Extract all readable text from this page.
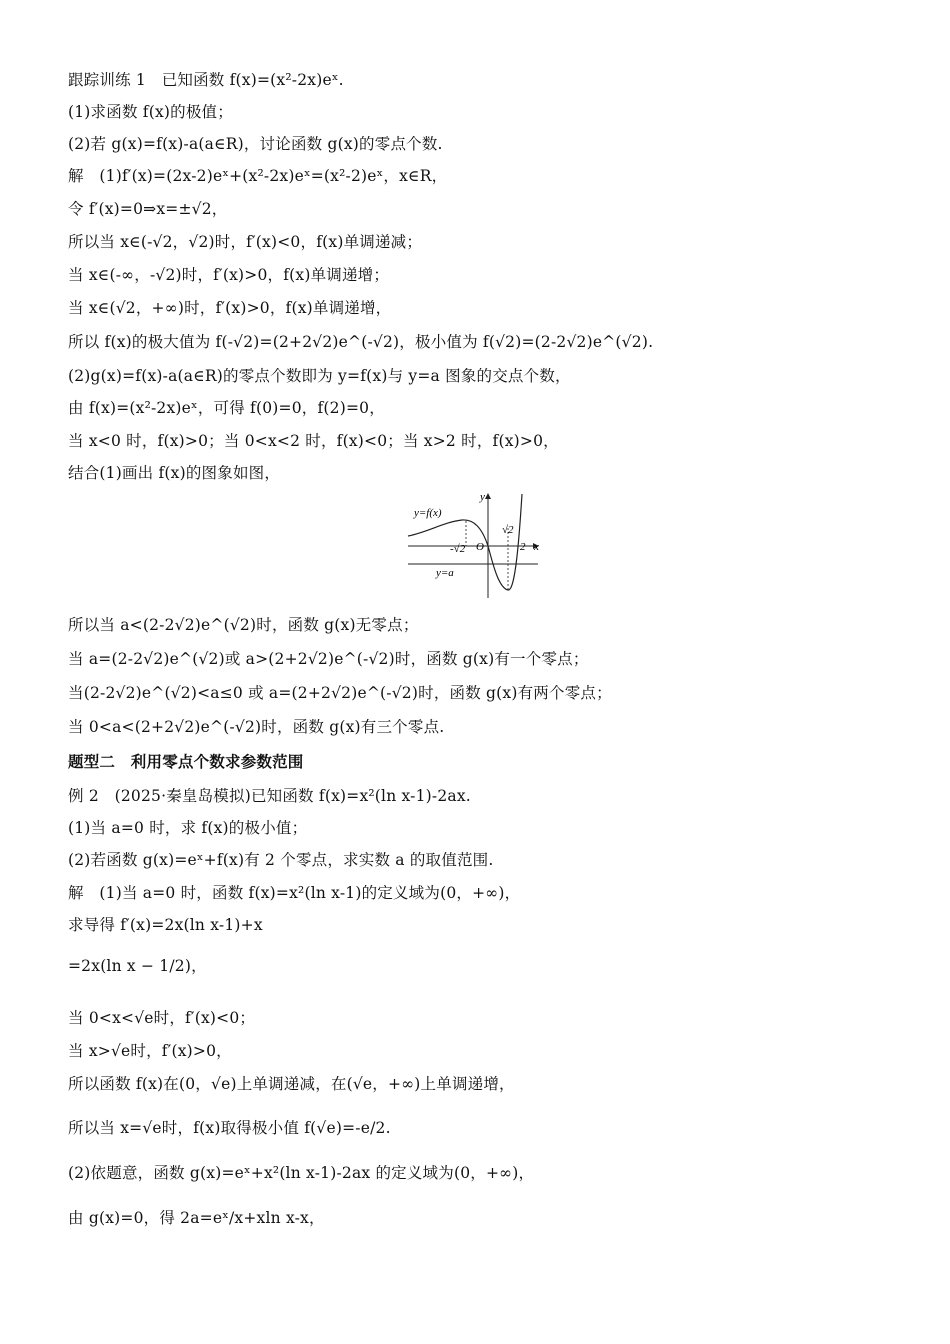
跟踪训练 1　已知函数 f(x)=(x²-2x)eˣ.
(1)求函数 f(x)的极值；
(2)若 g(x)=f(x)-a(a∈R)，讨论函数 g(x)的零点个数.
解　(1)f′(x)=(2x-2)eˣ+(x²-2x)eˣ=(x²-2)eˣ，x∈R，
令 f′(x)=0⇒x=±√2，
所以当 x∈(-√2，√2)时，f′(x)<0，f(x)单调递减；
当 x∈(-∞，-√2)时，f′(x)>0，f(x)单调递增；
当 x∈(√2，+∞)时，f′(x)>0，f(x)单调递增，
所以 f(x)的极大值为 f(-√2)=(2+2√2)e^(-√2)，极小值为 f(√2)=(2-2√2)e^(√2).
(2)g(x)=f(x)-a(a∈R)的零点个数即为 y=f(x)与 y=a 图象的交点个数，
由 f(x)=(x²-2x)eˣ，可得 f(0)=0，f(2)=0，
当 x<0 时，f(x)>0；当 0<x<2 时，f(x)<0；当 x>2 时，f(x)>0，
结合(1)画出 f(x)的图象如图，
y=f(x)
y=a
y
x
O
-√2
√2
2
所以当 a<(2-2√2)e^(√2)时，函数 g(x)无零点；
当 a=(2-2√2)e^(√2)或 a>(2+2√2)e^(-√2)时，函数 g(x)有一个零点；
当(2-2√2)e^(√2)<a≤0 或 a=(2+2√2)e^(-√2)时，函数 g(x)有两个零点；
当 0<a<(2+2√2)e^(-√2)时，函数 g(x)有三个零点.
题型二　利用零点个数求参数范围
例 2　(2025·秦皇岛模拟)已知函数 f(x)=x²(ln x-1)-2ax.
(1)当 a=0 时，求 f(x)的极小值；
(2)若函数 g(x)=eˣ+f(x)有 2 个零点，求实数 a 的取值范围.
解　(1)当 a=0 时，函数 f(x)=x²(ln x-1)的定义域为(0，+∞)，
求导得 f′(x)=2x(ln x-1)+x
=2x(ln x − 1/2)，
当 0<x<√e时，f′(x)<0；
当 x>√e时，f′(x)>0，
所以函数 f(x)在(0，√e)上单调递减，在(√e，+∞)上单调递增，
所以当 x=√e时，f(x)取得极小值 f(√e)=-e/2.
(2)依题意，函数 g(x)=eˣ+x²(ln x-1)-2ax 的定义域为(0，+∞)，
由 g(x)=0，得 2a=eˣ/x+xln x-x，
